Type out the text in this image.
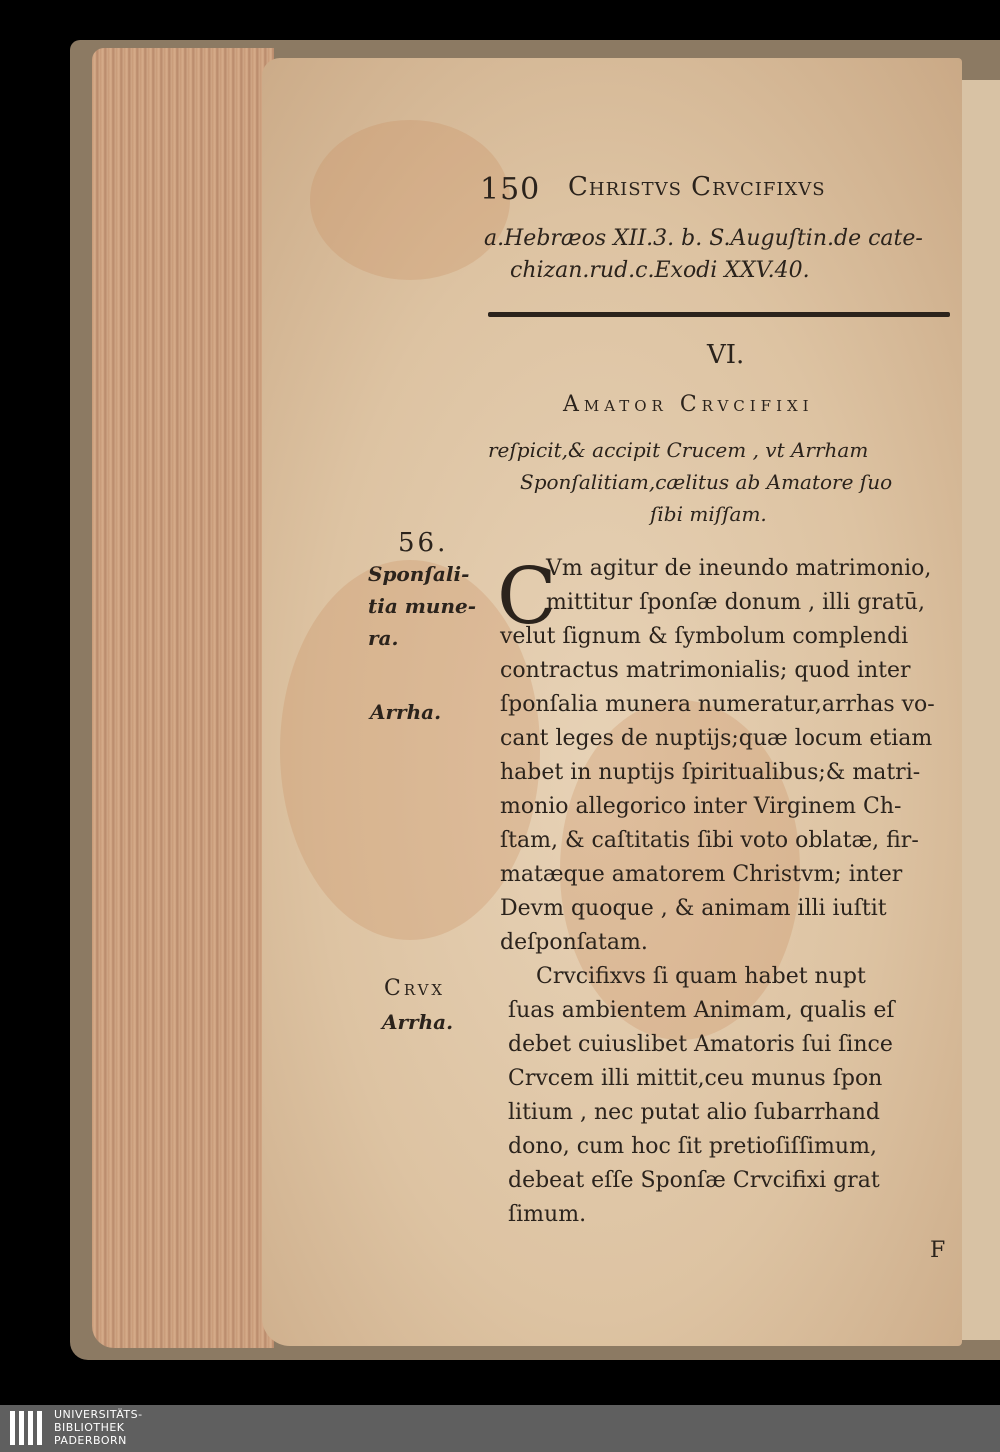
150 Christvs Crvcifixvs
a.Hebræos XII.3. b. S.Auguſtin.de cate-
chizan.rud.c.Exodi XXV.40.
VI.
Amator Crvcifixi
reſpicit,& accipit Crucem , vt Arrham
Sponſalitiam,cælitus ab Amatore ſuo
ſibi miſſam.
56.
Sponſali-
tia mune-
ra.
Arrha.
Crvx
Arrha.
C
Vm agitur de ineundo matrimonio,
mittitur ſponſæ donum , illi gratū,
velut ſignum & ſymbolum complendi
contractus matrimonialis; quod inter
ſponſalia munera numeratur,arrhas vo-
cant leges de nuptijs;quæ locum etiam
habet in nuptijs ſpiritualibus;& matri-
monio allegorico inter Virginem Ch-
ſtam, & caſtitatis ſibi voto oblatæ, fir-
matæque amatorem Christvm; inter
Devm quoque , & animam illi iuſtit
deſponſatam.
Crvcifixvs ſi quam habet nupt
ſuas ambientem Animam, qualis eſ
debet cuiuslibet Amatoris ſui ſince
Crvcem illi mittit,ceu munus ſpon
litium , nec putat alio ſubarrhand
dono, cum hoc ſit pretioſiſſimum,
debeat eſſe Sponſæ Crvcifixi grat
ſimum.
F
UNIVERSITÄTS-
BIBLIOTHEK
PADERBORN
